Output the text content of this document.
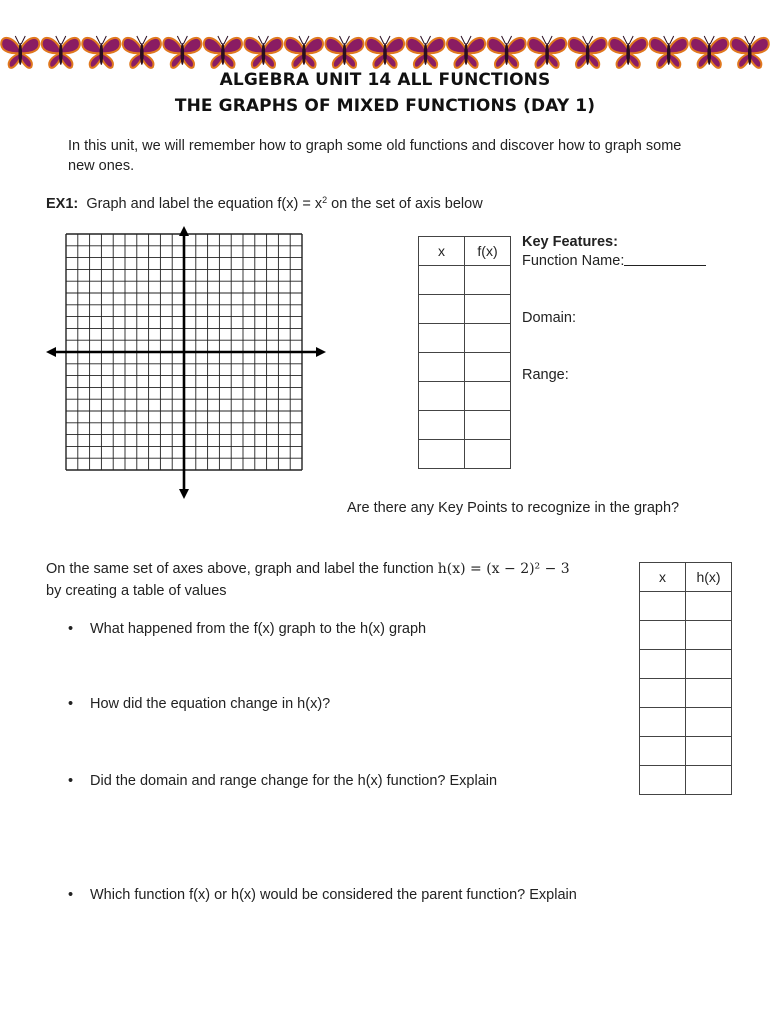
ALGEBRA UNIT 14 ALL FUNCTIONS
THE GRAPHS OF MIXED FUNCTIONS (DAY 1)

In this unit, we will remember how to graph some old functions and discover how to graph some new ones.

EX1: Graph and label the equation $f(x) = x^2$ on the set of axis below

x	f(x)

Key Features:

Function Name:

Domain:

Range:

Are there any Key Points to recognize in the graph?

On the same set of axes above, graph and label the function h(x) = (x − 2)² − 3

by creating a table of values

x	h(x)

• What happened from the f(x) graph to the h(x) graph

• How did the equation change in h(x)?

• Did the domain and range change for the h(x) function? Explain

• Which function f(x) or h(x) would be considered the parent function? Explain
